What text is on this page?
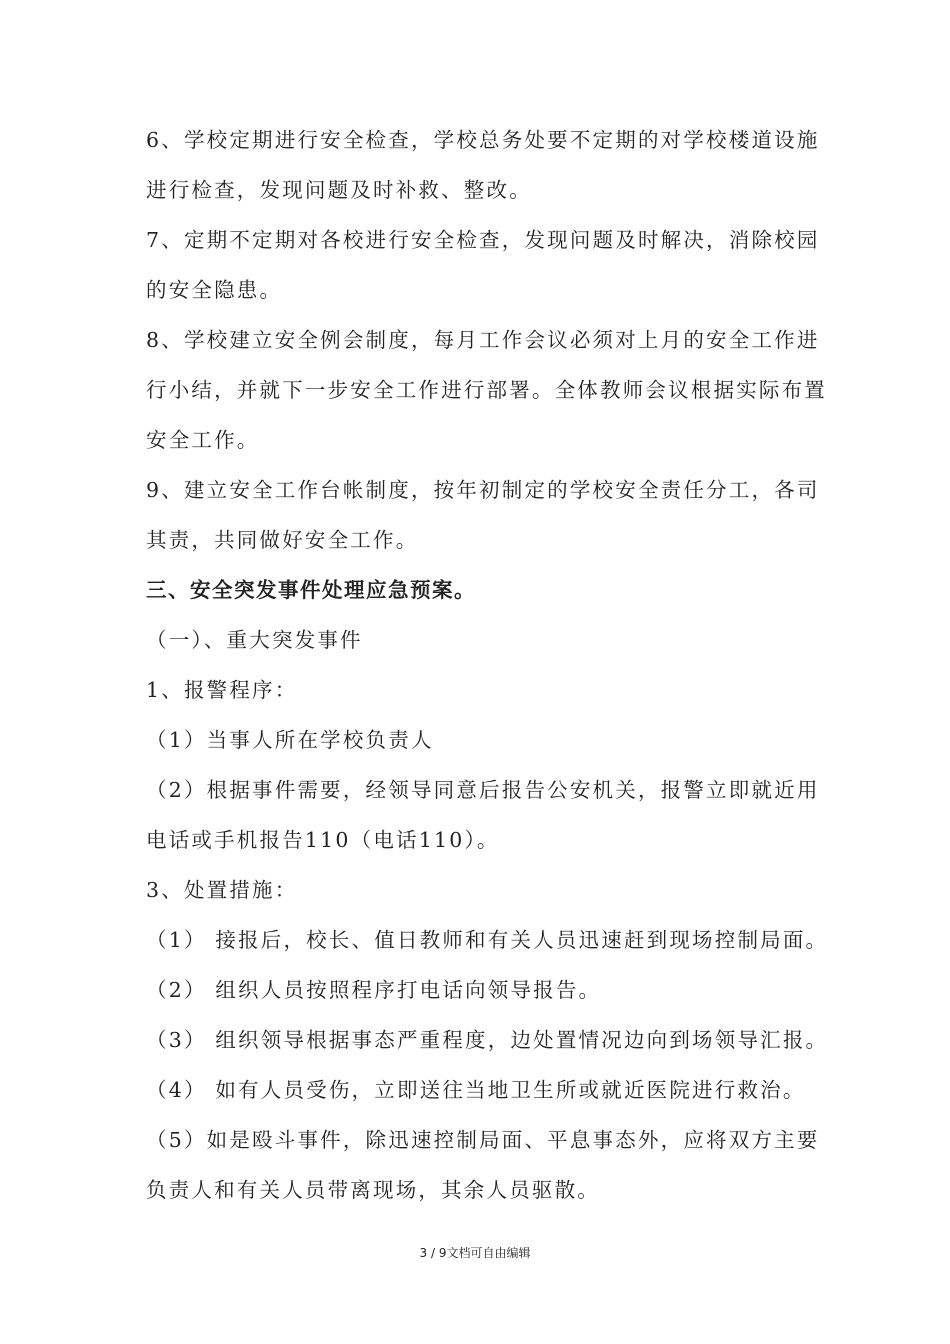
6、学校定期进行安全检查，学校总务处要不定期的对学校楼道设施
进行检查，发现问题及时补救、整改。
7、定期不定期对各校进行安全检查，发现问题及时解决，消除校园
的安全隐患。
8、学校建立安全例会制度，每月工作会议必须对上月的安全工作进
行小结，并就下一步安全工作进行部署。全体教师会议根据实际布置
安全工作。
9、建立安全工作台帐制度，按年初制定的学校安全责任分工，各司
其责，共同做好安全工作。
三、安全突发事件处理应急预案。
（一）、重大突发事件
1、报警程序：
（1）当事人所在学校负责人
（2）根据事件需要，经领导同意后报告公安机关，报警立即就近用
电话或手机报告110（电话110）。
3、处置措施：
（1） 接报后，校长、值日教师和有关人员迅速赶到现场控制局面。
（2） 组织人员按照程序打电话向领导报告。
（3） 组织领导根据事态严重程度，边处置情况边向到场领导汇报。
（4） 如有人员受伤，立即送往当地卫生所或就近医院进行救治。
（5）如是殴斗事件，除迅速控制局面、平息事态外，应将双方主要
负责人和有关人员带离现场，其余人员驱散。
3 / 9文档可自由编辑
